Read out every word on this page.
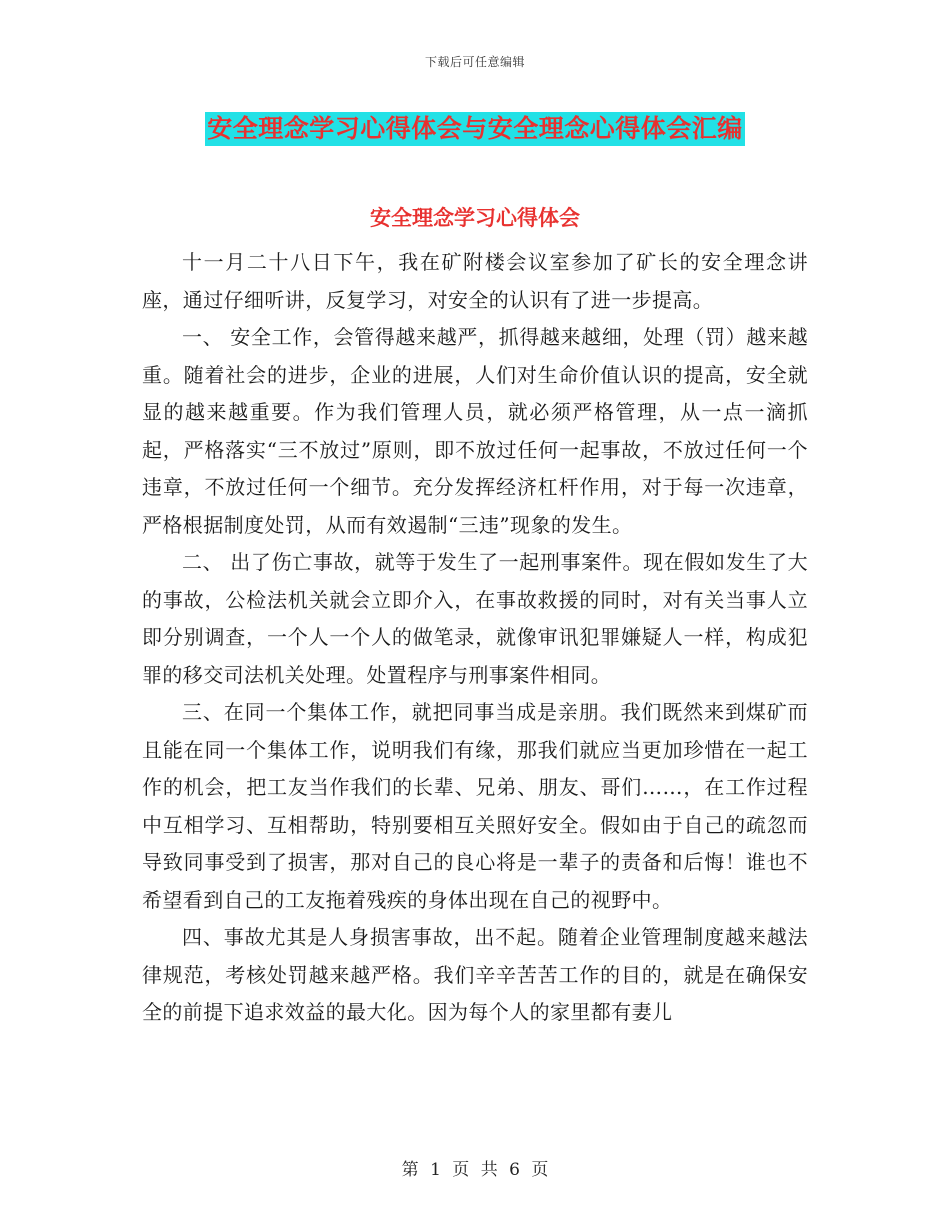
下载后可任意编辑
安全理念学习心得体会与安全理念心得体会汇编
安全理念学习心得体会

十一月二十八日下午，我在矿附楼会议室参加了矿长的安全理念讲座，通过仔细听讲，反复学习，对安全的认识有了进一步提高。

一、 安全工作，会管得越来越严，抓得越来越细，处理（罚）越来越重。随着社会的进步，企业的进展，人们对生命价值认识的提高，安全就显的越来越重要。作为我们管理人员，就必须严格管理，从一点一滴抓起，严格落实“三不放过”原则，即不放过任何一起事故，不放过任何一个违章，不放过任何一个细节。充分发挥经济杠杆作用，对于每一次违章，严格根据制度处罚，从而有效遏制“三违”现象的发生。

二、 出了伤亡事故，就等于发生了一起刑事案件。现在假如发生了大的事故，公检法机关就会立即介入，在事故救援的同时，对有关当事人立即分别调查，一个人一个人的做笔录，就像审讯犯罪嫌疑人一样，构成犯罪的移交司法机关处理。处置程序与刑事案件相同。

三、在同一个集体工作，就把同事当成是亲朋。我们既然来到煤矿而且能在同一个集体工作，说明我们有缘，那我们就应当更加珍惜在一起工作的机会，把工友当作我们的长辈、兄弟、朋友、哥们……，在工作过程中互相学习、互相帮助，特别要相互关照好安全。假如由于自己的疏忽而导致同事受到了损害，那对自己的良心将是一辈子的责备和后悔！谁也不希望看到自己的工友拖着残疾的身体出现在自己的视野中。

四、事故尤其是人身损害事故，出不起。随着企业管理制度越来越法律规范，考核处罚越来越严格。我们辛辛苦苦工作的目的，就是在确保安全的前提下追求效益的最大化。因为每个人的家里都有妻儿

第 1 页 共 6 页
